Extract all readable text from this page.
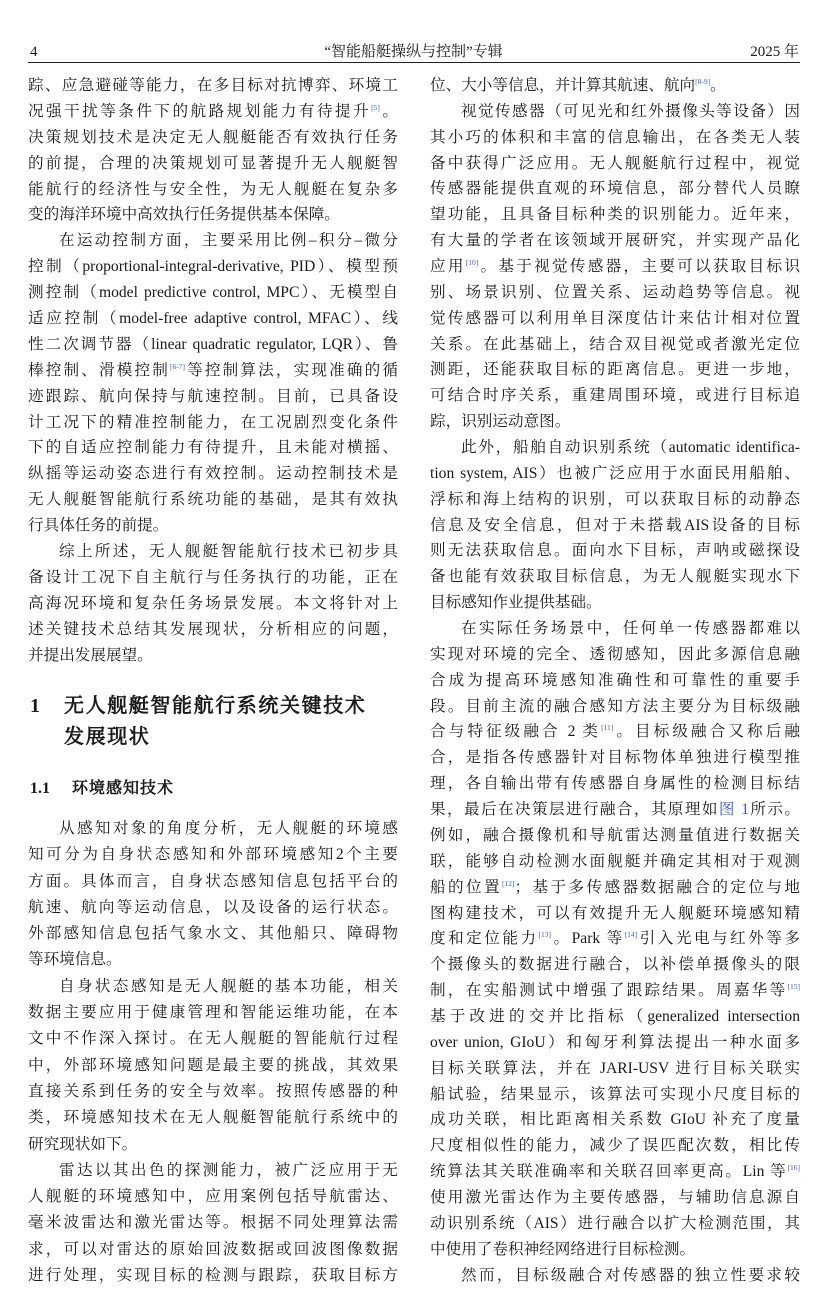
4	“智能船艇操纵与控制”专辑	2025 年
踪、应急避碰等能力，在多目标对抗博弈、环境工
况强干扰等条件下的航路规划能力有待提升[5]。
决策规划技术是决定无人舰艇能否有效执行任务
的前提，合理的决策规划可显著提升无人舰艇智
能航行的经济性与安全性，为无人舰艇在复杂多
变的海洋环境中高效执行任务提供基本保障。
在运动控制方面，主要采用比例–积分–微分
控制（proportional-integral-derivative, PID）、模型预
测控制（model predictive control, MPC）、无模型自
适应控制（model-free adaptive control, MFAC）、线
性二次调节器（linear quadratic regulator, LQR）、鲁
棒控制、滑模控制[6-7]等控制算法，实现准确的循
迹跟踪、航向保持与航速控制。目前，已具备设
计工况下的精准控制能力，在工况剧烈变化条件
下的自适应控制能力有待提升，且未能对横摇、
纵摇等运动姿态进行有效控制。运动控制技术是
无人舰艇智能航行系统功能的基础，是其有效执
行具体任务的前提。
综上所述，无人舰艇智能航行技术已初步具
备设计工况下自主航行与任务执行的功能，正在
高海况环境和复杂任务场景发展。本文将针对上
述关键技术总结其发展现状，分析相应的问题，
并提出发展展望。
1 无人舰艇智能航行系统关键技术
发展现状
1.1 环境感知技术
从感知对象的角度分析，无人舰艇的环境感
知可分为自身状态感知和外部环境感知2个主要
方面。具体而言，自身状态感知信息包括平台的
航速、航向等运动信息，以及设备的运行状态。
外部感知信息包括气象水文、其他船只、障碍物
等环境信息。
自身状态感知是无人舰艇的基本功能，相关
数据主要应用于健康管理和智能运维功能，在本
文中不作深入探讨。在无人舰艇的智能航行过程
中，外部环境感知问题是最主要的挑战，其效果
直接关系到任务的安全与效率。按照传感器的种
类，环境感知技术在无人舰艇智能航行系统中的
研究现状如下。
雷达以其出色的探测能力，被广泛应用于无
人舰艇的环境感知中，应用案例包括导航雷达、
毫米波雷达和激光雷达等。根据不同处理算法需
求，可以对雷达的原始回波数据或回波图像数据
进行处理，实现目标的检测与跟踪，获取目标方
位、大小等信息，并计算其航速、航向[8-9]。
视觉传感器（可见光和红外摄像头等设备）因
其小巧的体积和丰富的信息输出，在各类无人装
备中获得广泛应用。无人舰艇航行过程中，视觉
传感器能提供直观的环境信息，部分替代人员瞭
望功能，且具备目标种类的识别能力。近年来，
有大量的学者在该领域开展研究，并实现产品化
应用[10]。基于视觉传感器，主要可以获取目标识
别、场景识别、位置关系、运动趋势等信息。视
觉传感器可以利用单目深度估计来估计相对位置
关系。在此基础上，结合双目视觉或者激光定位
测距，还能获取目标的距离信息。更进一步地，
可结合时序关系，重建周围环境，或进行目标追
踪，识别运动意图。
此外，船舶自动识别系统（automatic identifica-
tion system, AIS）也被广泛应用于水面民用船舶、
浮标和海上结构的识别，可以获取目标的动静态
信息及安全信息，但对于未搭载AIS设备的目标
则无法获取信息。面向水下目标，声呐或磁探设
备也能有效获取目标信息，为无人舰艇实现水下
目标感知作业提供基础。
在实际任务场景中，任何单一传感器都难以
实现对环境的完全、透彻感知，因此多源信息融
合成为提高环境感知准确性和可靠性的重要手
段。目前主流的融合感知方法主要分为目标级融
合与特征级融合 2 类[11]。目标级融合又称后融
合，是指各传感器针对目标物体单独进行模型推
理，各自输出带有传感器自身属性的检测目标结
果，最后在决策层进行融合，其原理如图 1所示。
例如，融合摄像机和导航雷达测量值进行数据关
联，能够自动检测水面舰艇并确定其相对于观测
船的位置[12]；基于多传感器数据融合的定位与地
图构建技术，可以有效提升无人舰艇环境感知精
度和定位能力[13]。Park 等[14]引入光电与红外等多
个摄像头的数据进行融合，以补偿单摄像头的限
制，在实船测试中增强了跟踪结果。周嘉华等[15]
基于改进的交并比指标（generalized intersection
over union, GIoU）和匈牙利算法提出一种水面多
目标关联算法，并在 JARI-USV 进行目标关联实
船试验，结果显示，该算法可实现小尺度目标的
成功关联，相比距离相关系数 GIoU 补充了度量
尺度相似性的能力，减少了误匹配次数，相比传
统算法其关联准确率和关联召回率更高。Lin 等[16]
使用激光雷达作为主要传感器，与辅助信息源自
动识别系统（AIS）进行融合以扩大检测范围，其
中使用了卷积神经网络进行目标检测。
然而，目标级融合对传感器的独立性要求较
